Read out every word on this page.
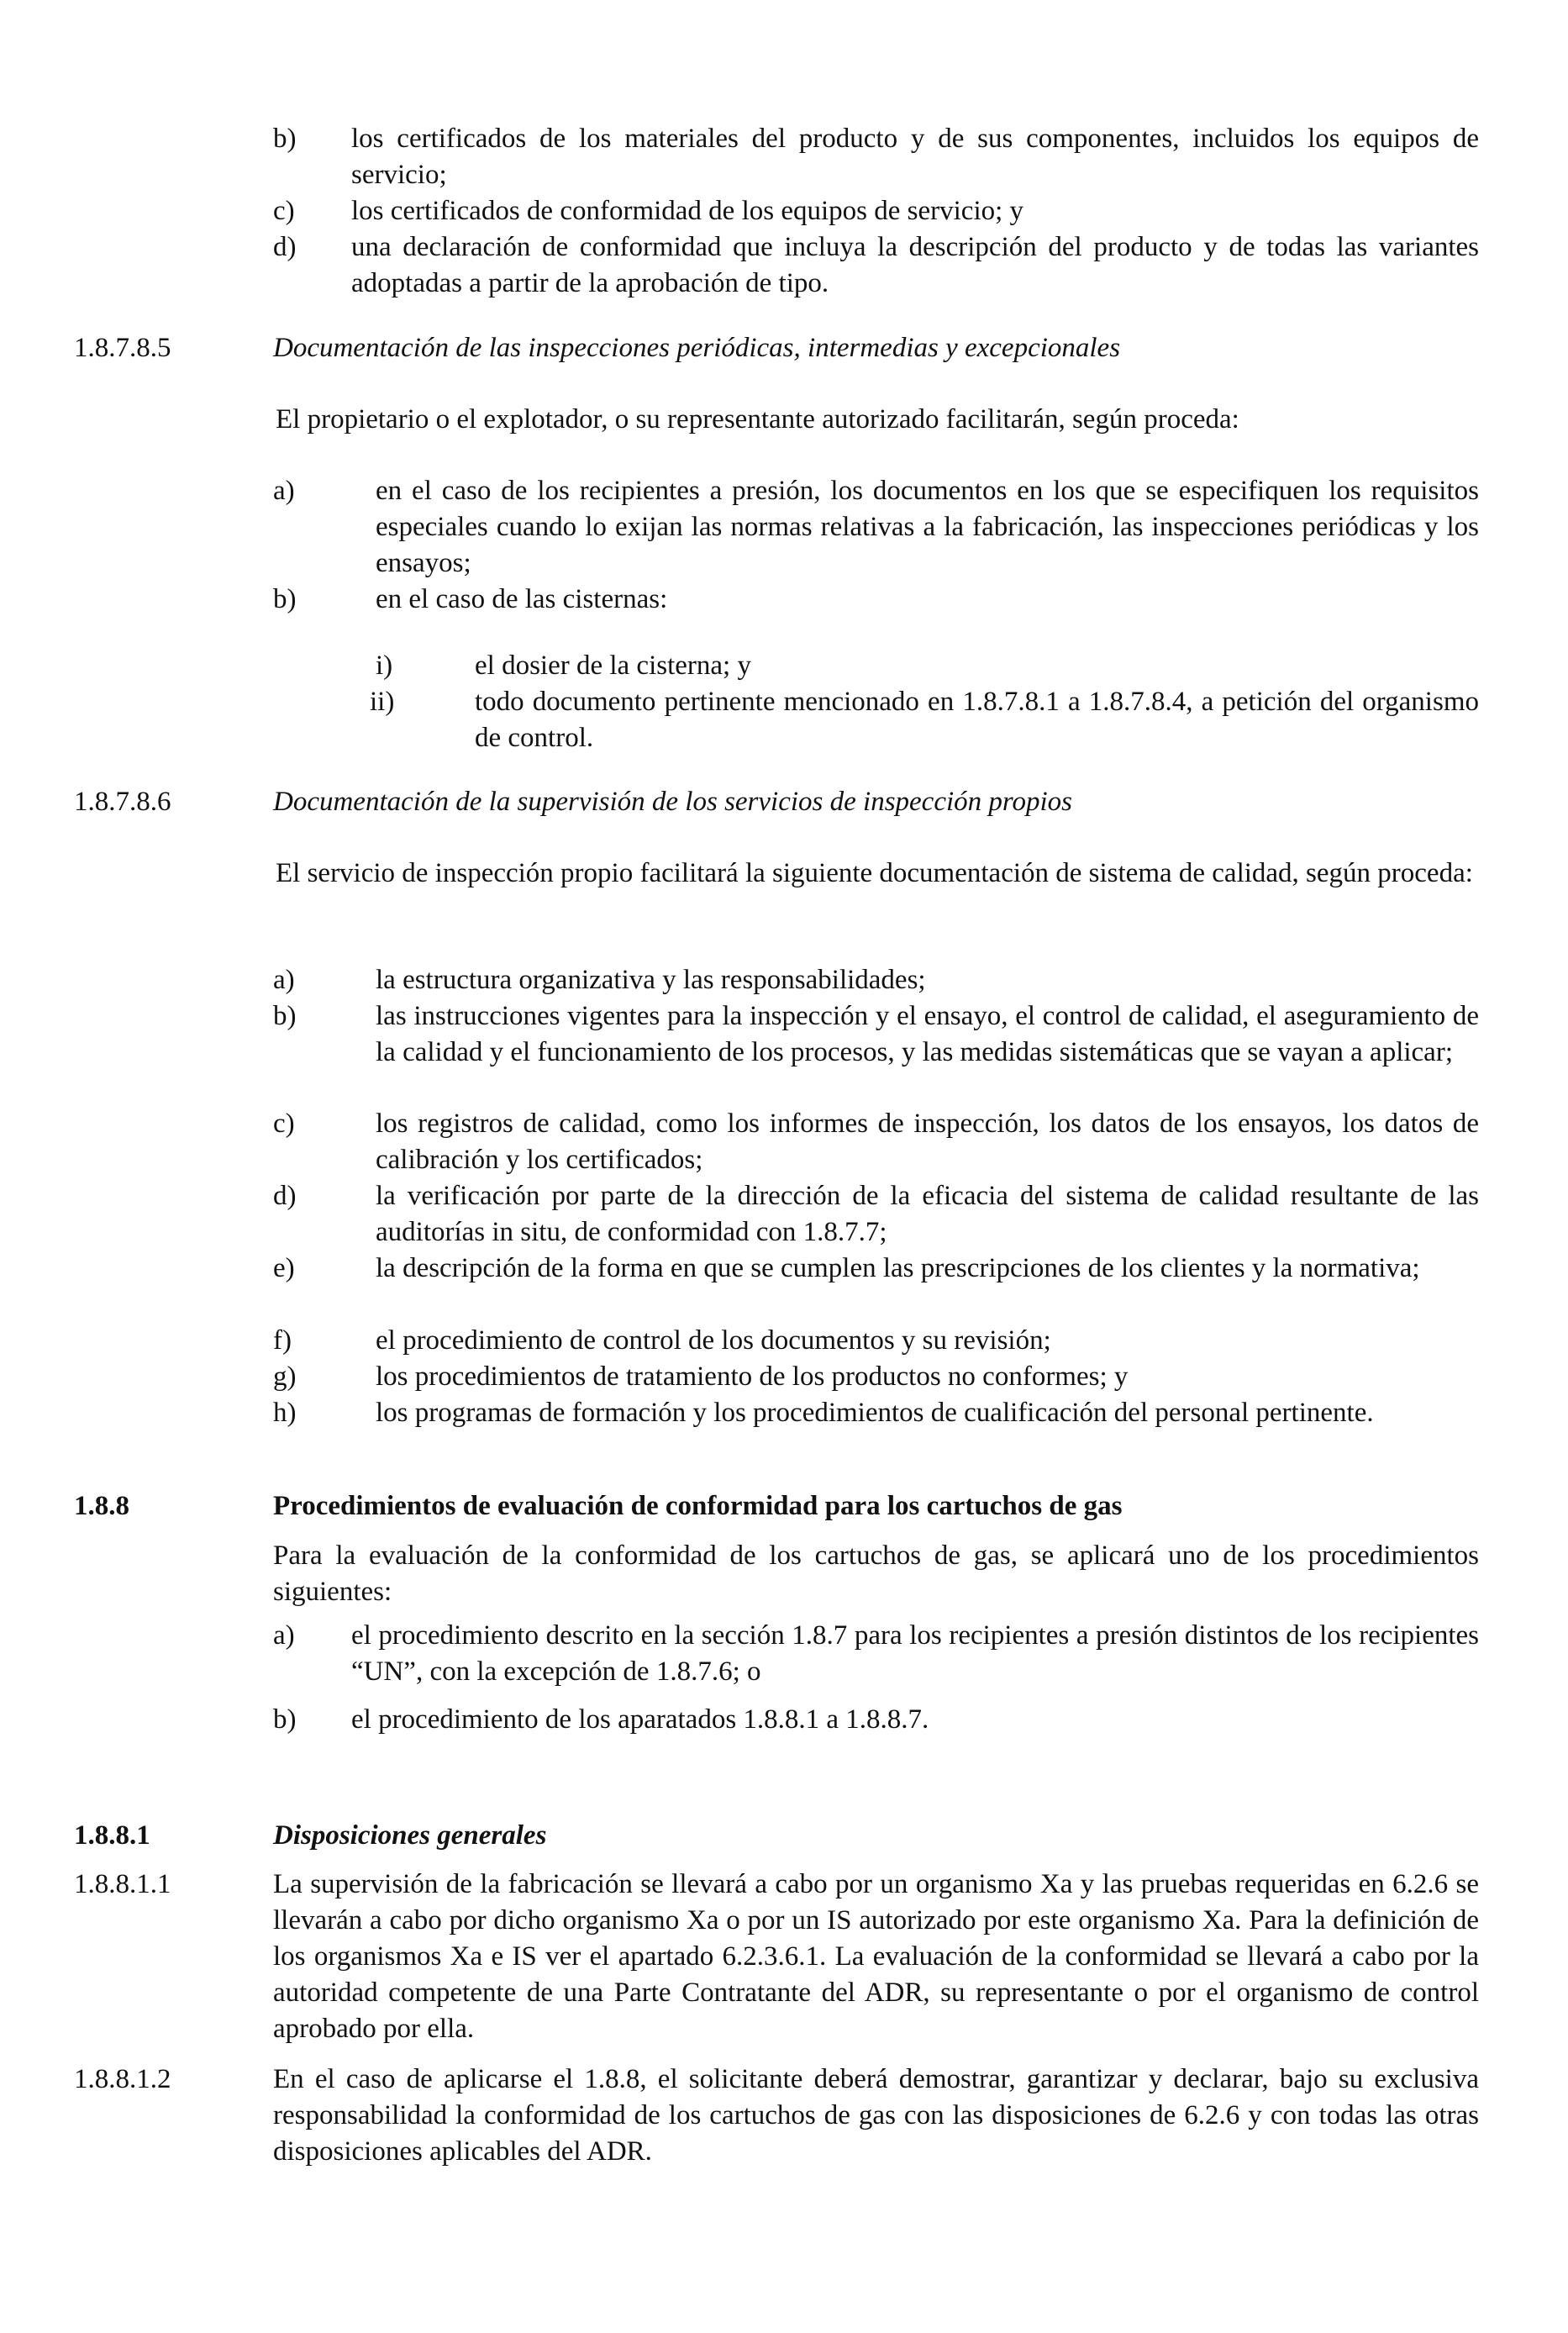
b) los certificados de los materiales del producto y de sus componentes, incluidos los equipos de servicio;
c) los certificados de conformidad de los equipos de servicio; y
d) una declaración de conformidad que incluya la descripción del producto y de todas las variantes adoptadas a partir de la aprobación de tipo.
1.8.7.8.5	Documentación de las inspecciones periódicas, intermedias y excepcionales
El propietario o el explotador, o su representante autorizado facilitarán, según proceda:
a)	en el caso de los recipientes a presión, los documentos en los que se especifiquen los requisitos especiales cuando lo exijan las normas relativas a la fabricación, las inspecciones periódicas y los ensayos;
b)	en el caso de las cisternas:
i)	el dosier de la cisterna; y
ii)	todo documento pertinente mencionado en 1.8.7.8.1 a 1.8.7.8.4, a petición del organismo de control.
1.8.7.8.6	Documentación de la supervisión de los servicios de inspección propios
El servicio de inspección propio facilitará la siguiente documentación de sistema de calidad, según proceda:
a)	la estructura organizativa y las responsabilidades;
b)	las instrucciones vigentes para la inspección y el ensayo, el control de calidad, el aseguramiento de la calidad y el funcionamiento de los procesos, y las medidas sistemáticas que se vayan a aplicar;
c)	los registros de calidad, como los informes de inspección, los datos de los ensayos, los datos de calibración y los certificados;
d)	la verificación por parte de la dirección de la eficacia del sistema de calidad resultante de las auditorías in situ, de conformidad con 1.8.7.7;
e)	la descripción de la forma en que se cumplen las prescripciones de los clientes y la normativa;
f)	el procedimiento de control de los documentos y su revisión;
g)	los procedimientos de tratamiento de los productos no conformes; y
h)	los programas de formación y los procedimientos de cualificación del personal pertinente.
1.8.8	Procedimientos de evaluación de conformidad para los cartuchos de gas
Para la evaluación de la conformidad de los cartuchos de gas, se aplicará uno de los procedimientos siguientes:
a) el procedimiento descrito en la sección 1.8.7 para los recipientes a presión distintos de los recipientes “UN”, con la excepción de 1.8.7.6; o
b) el procedimiento de los aparatados 1.8.8.1 a 1.8.8.7.
1.8.8.1	Disposiciones generales
1.8.8.1.1	La supervisión de la fabricación se llevará a cabo por un organismo Xa y las pruebas requeridas en 6.2.6 se llevarán a cabo por dicho organismo Xa o por un IS autorizado por este organismo Xa. Para la definición de los organismos Xa e IS ver el apartado 6.2.3.6.1. La evaluación de la conformidad se llevará a cabo por la autoridad competente de una Parte Contratante del ADR, su representante o por el organismo de control aprobado por ella.
1.8.8.1.2	En el caso de aplicarse el 1.8.8, el solicitante deberá demostrar, garantizar y declarar, bajo su exclusiva responsabilidad la conformidad de los cartuchos de gas con las disposiciones de 6.2.6 y con todas las otras disposiciones aplicables del ADR.
